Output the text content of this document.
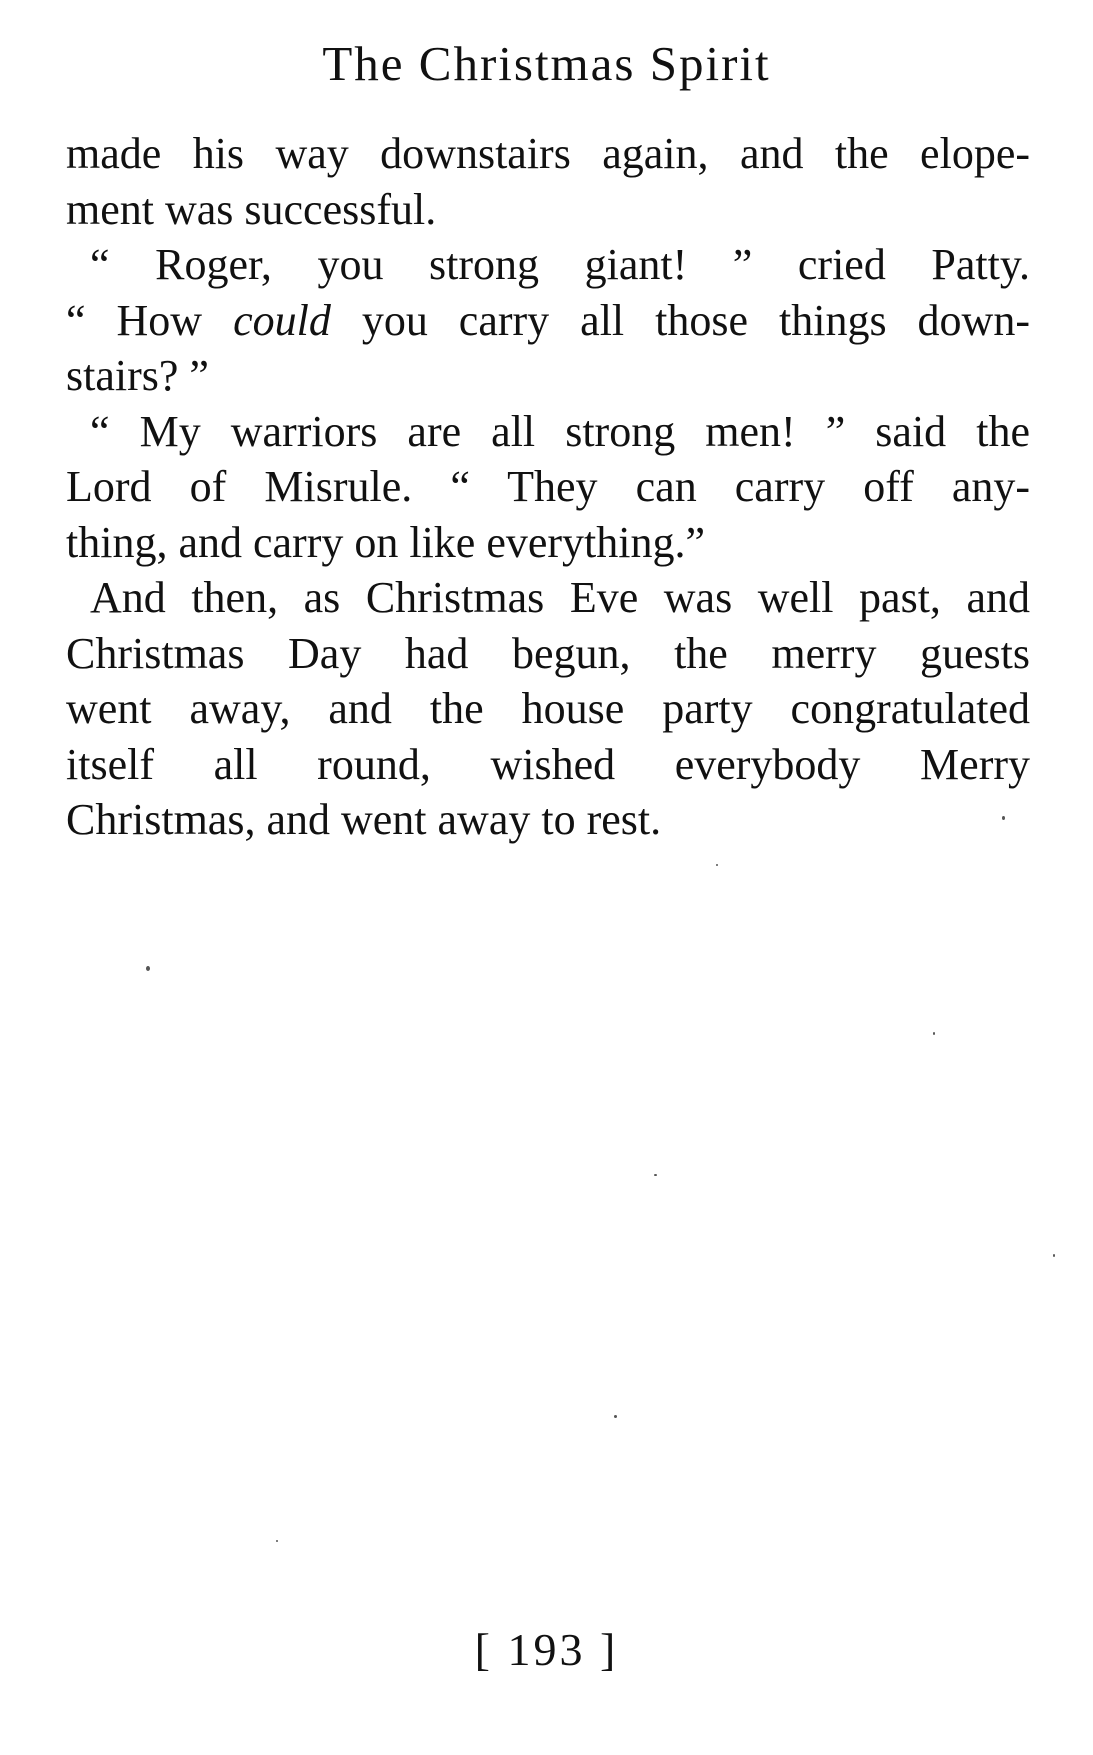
The Christmas Spirit
made his way downstairs again, and the elope-
ment was successful.
“ Roger, you strong giant! ” cried Patty.
“ How could you carry all those things down-
stairs? ”
“ My warriors are all strong men! ” said the
Lord of Misrule. “ They can carry off any-
thing, and carry on like everything.”
And then, as Christmas Eve was well past, and
Christmas Day had begun, the merry guests
went away, and the house party congratulated
itself all round, wished everybody Merry
Christmas, and went away to rest.
[ 193 ]
